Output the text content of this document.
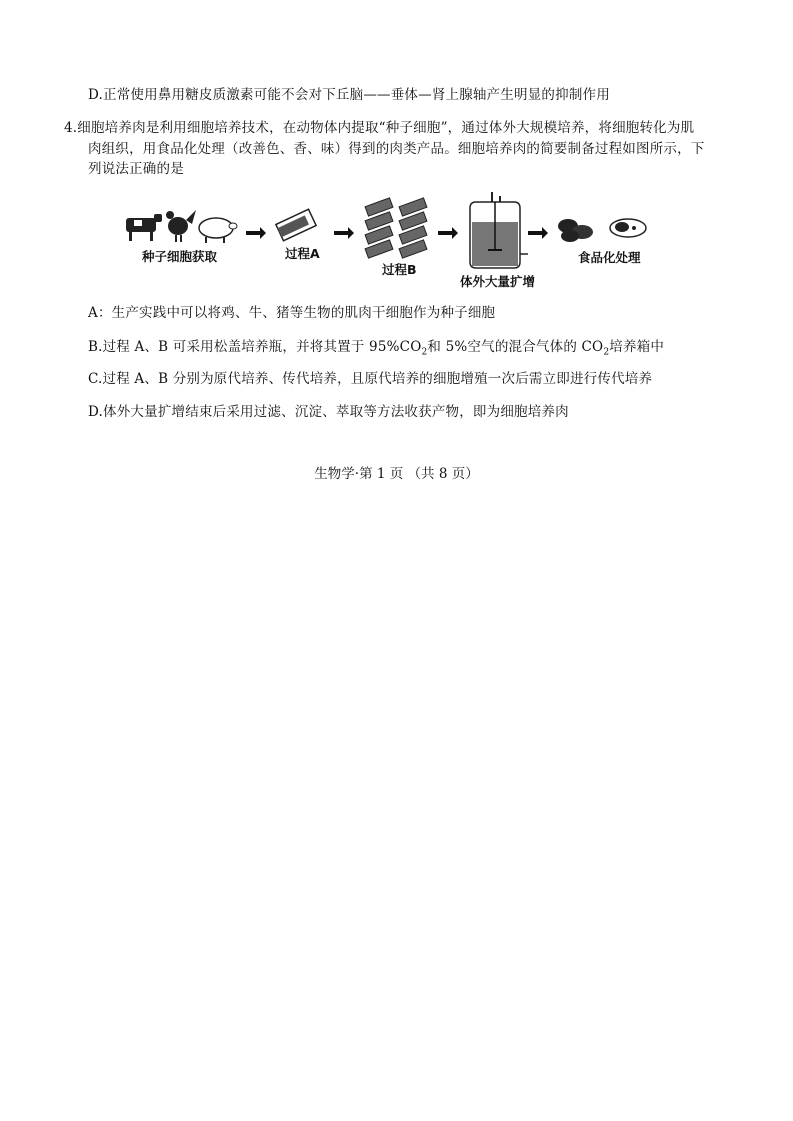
D.正常使用鼻用糖皮质激素可能不会对下丘脑——垂体—肾上腺轴产生明显的抑制作用
4.细胞培养肉是利用细胞培养技术，在动物体内提取“种子细胞”，通过体外大规模培养，将细胞转化为肌
肉组织，用食品化处理（改善色、香、味）得到的肉类产品。细胞培养肉的简要制备过程如图所示，下
列说法正确的是
种子细胞获取	过程A
过程B
体外大量扩增
食品化处理
A：生产实践中可以将鸡、牛、猪等生物的肌肉干细胞作为种子细胞
B.过程 A、B 可采用松盖培养瓶，并将其置于 $95\%CO_2$和 5%空气的混合气体的 $CO_2$培养箱中
C.过程 A、B 分别为原代培养、传代培养，且原代培养的细胞增殖一次后需立即进行传代培养
D.体外大量扩增结束后采用过滤、沉淀、萃取等方法收获产物，即为细胞培养肉
生物学·第 1 页 （共 8 页）
